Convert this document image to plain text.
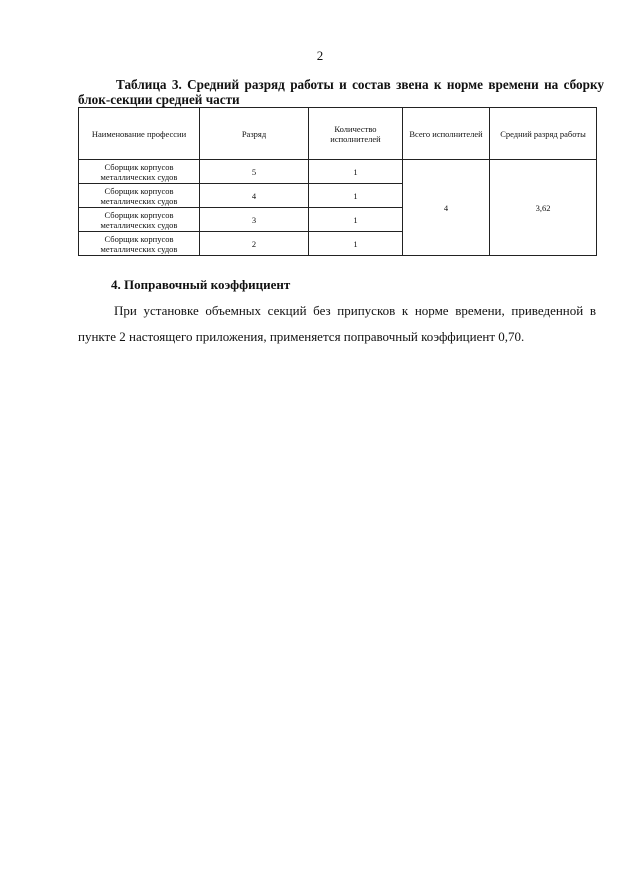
2
Таблица 3. Средний разряд работы и состав звена к норме времени на сборку блок-секции средней части
Наименование профессии	Разряд	Количество исполнителей	Всего исполнителей	Средний разряд работы
Сборщик корпусов металлических судов	5	1	4	3,62
Сборщик корпусов металлических судов	4	1		
Сборщик корпусов металлических судов	3	1		
Сборщик корпусов металлических судов	2	1		
4. Поправочный коэффициент
При установке объемных секций без припусков к норме времени, приведенной в пункте 2 настоящего приложения, применяется поправочный коэффициент 0,70.
